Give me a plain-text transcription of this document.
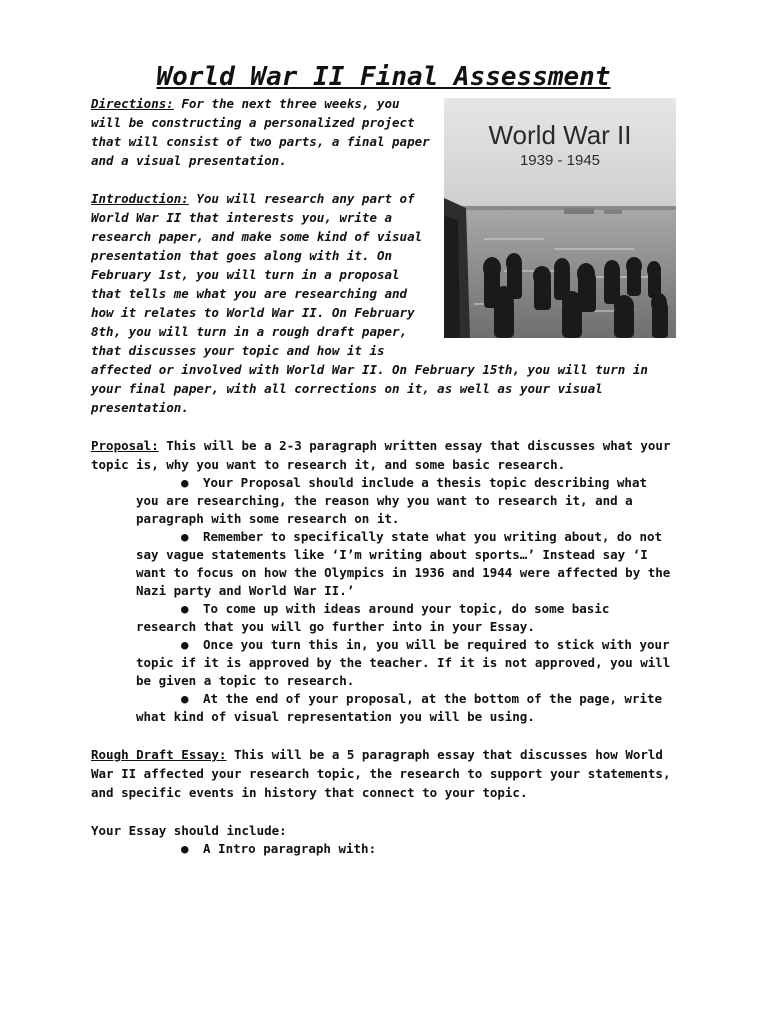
World War II Final Assessment
World War II
1939 - 1945

Directions: For the next three weeks, you will be constructing a personalized project that will consist of two parts, a final paper and a visual presentation.

Introduction: You will research any part of World War II that interests you, write a research paper, and make some kind of visual presentation that goes along with it. On February 1st, you will turn in a proposal that tells me what you are researching and how it relates to World War II. On February 8th, you will turn in a rough draft paper, that discusses your topic and how it is affected or involved with World War II. On February 15th, you will turn in your final paper, with all corrections on it, as well as your visual presentation.

Proposal: This will be a 2-3 paragraph written essay that discusses what your topic is, why you want to research it, and some basic research.

● Your Proposal should include a thesis topic describing what you are researching, the reason why you want to research it, and a paragraph with some research on it.
● Remember to specifically state what you writing about, do not say vague statements like ‘I’m writing about sports…’ Instead say ‘I want to focus on how the Olympics in 1936 and 1944 were affected by the Nazi party and World War II.’
● To come up with ideas around your topic, do some basic research that you will go further into in your Essay.
● Once you turn this in, you will be required to stick with your topic if it is approved by the teacher. If it is not approved, you will be given a topic to research.
● At the end of your proposal, at the bottom of the page, write what kind of visual representation you will be using.

Rough Draft Essay: This will be a 5 paragraph essay that discusses how World War II affected your research topic, the research to support your statements, and specific events in history that connect to your topic.

Your Essay should include:

● A Intro paragraph with:
